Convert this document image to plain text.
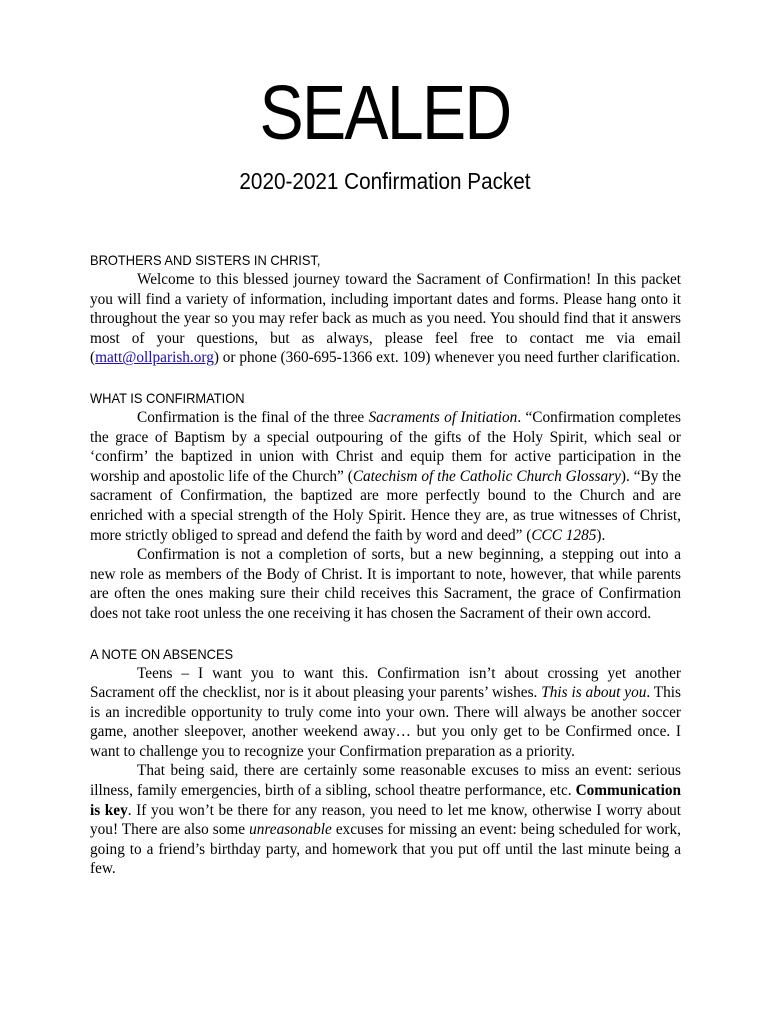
SEALED
2020-2021 Confirmation Packet
BROTHERS AND SISTERS IN CHRIST,

Welcome to this blessed journey toward the Sacrament of Confirmation! In this packet you will find a variety of information, including important dates and forms. Please hang onto it throughout the year so you may refer back as much as you need. You should find that it answers most of your questions, but as always, please feel free to contact me via email (matt@ollparish.org) or phone (360-695-1366 ext. 109) whenever you need further clarification.

WHAT IS CONFIRMATION

Confirmation is the final of the three Sacraments of Initiation. “Confirmation completes the grace of Baptism by a special outpouring of the gifts of the Holy Spirit, which seal or ‘confirm’ the baptized in union with Christ and equip them for active participation in the worship and apostolic life of the Church” (Catechism of the Catholic Church Glossary). “By the sacrament of Confirmation, the baptized are more perfectly bound to the Church and are enriched with a special strength of the Holy Spirit. Hence they are, as true witnesses of Christ, more strictly obliged to spread and defend the faith by word and deed” (CCC 1285).

Confirmation is not a completion of sorts, but a new beginning, a stepping out into a new role as members of the Body of Christ. It is important to note, however, that while parents are often the ones making sure their child receives this Sacrament, the grace of Confirmation does not take root unless the one receiving it has chosen the Sacrament of their own accord.

A NOTE ON ABSENCES

Teens – I want you to want this. Confirmation isn’t about crossing yet another Sacrament off the checklist, nor is it about pleasing your parents’ wishes. This is about you. This is an incredible opportunity to truly come into your own. There will always be another soccer game, another sleepover, another weekend away… but you only get to be Confirmed once. I want to challenge you to recognize your Confirmation preparation as a priority.

That being said, there are certainly some reasonable excuses to miss an event: serious illness, family emergencies, birth of a sibling, school theatre performance, etc. Communication is key. If you won’t be there for any reason, you need to let me know, otherwise I worry about you! There are also some unreasonable excuses for missing an event: being scheduled for work, going to a friend’s birthday party, and homework that you put off until the last minute being a few.
